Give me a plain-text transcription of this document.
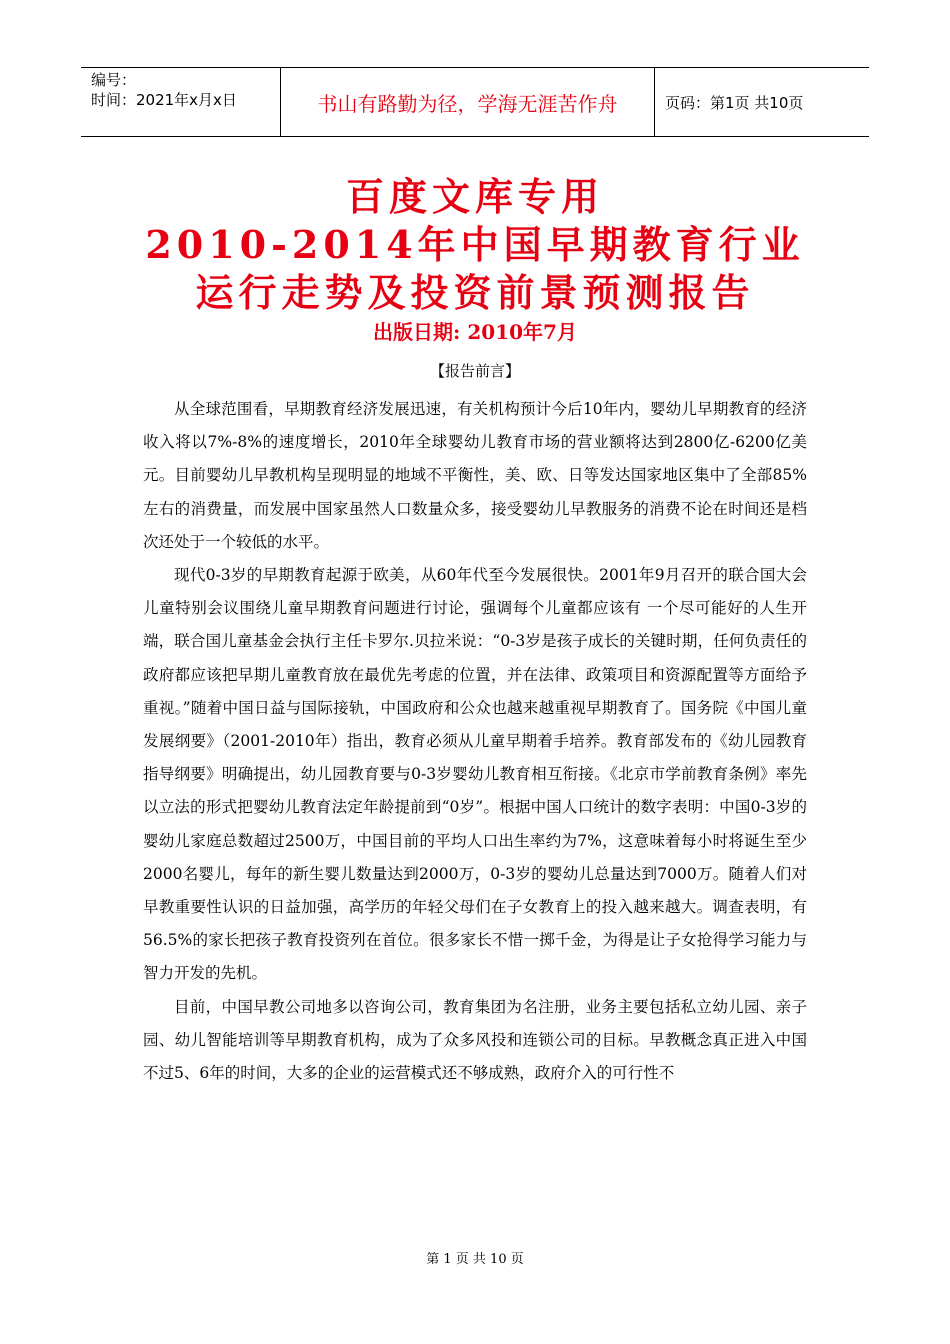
编号：
时间：2021年x月x日	书山有路勤为径，学海无涯苦作舟	页码：第1页 共10页
百度文库专用
2010-2014年中国早期教育行业
运行走势及投资前景预测报告
出版日期: 2010年7月
【报告前言】

从全球范围看，早期教育经济发展迅速，有关机构预计今后10年内，婴幼儿早期教育的经济收入将以7%-8%的速度增长，2010年全球婴幼儿教育市场的营业额将达到2800亿-6200亿美元。目前婴幼儿早教机构呈现明显的地域不平衡性，美、欧、日等发达国家地区集中了全部85%左右的消费量，而发展中国家虽然人口数量众多，接受婴幼儿早教服务的消费不论在时间还是档次还处于一个较低的水平。

现代0-3岁的早期教育起源于欧美，从60年代至今发展很快。2001年9月召开的联合国大会儿童特别会议围绕儿童早期教育问题进行讨论，强调每个儿童都应该有 一个尽可能好的人生开端，联合国儿童基金会执行主任卡罗尔.贝拉米说：“0-3岁是孩子成长的关键时期，任何负责任的政府都应该把早期儿童教育放在最优先考虑的位置，并在法律、政策项目和资源配置等方面给予重视。”随着中国日益与国际接轨，中国政府和公众也越来越重视早期教育了。国务院《中国儿童发展纲要》（2001-2010年）指出，教育必须从儿童早期着手培养。教育部发布的《幼儿园教育指导纲要》明确提出，幼儿园教育要与0-3岁婴幼儿教育相互衔接。《北京市学前教育条例》率先以立法的形式把婴幼儿教育法定年龄提前到“0岁”。根据中国人口统计的数字表明：中国0-3岁的婴幼儿家庭总数超过2500万，中国目前的平均人口出生率约为7%，这意味着每小时将诞生至少2000名婴儿，每年的新生婴儿数量达到2000万，0-3岁的婴幼儿总量达到7000万。随着人们对早教重要性认识的日益加强，高学历的年轻父母们在子女教育上的投入越来越大。调查表明，有56.5%的家长把孩子教育投资列在首位。很多家长不惜一掷千金，为得是让子女抢得学习能力与智力开发的先机。

目前，中国早教公司地多以咨询公司，教育集团为名注册，业务主要包括私立幼儿园、亲子园、幼儿智能培训等早期教育机构，成为了众多风投和连锁公司的目标。早教概念真正进入中国不过5、6年的时间，大多的企业的运营模式还不够成熟，政府介入的可行性不

第 1 页 共 10 页
